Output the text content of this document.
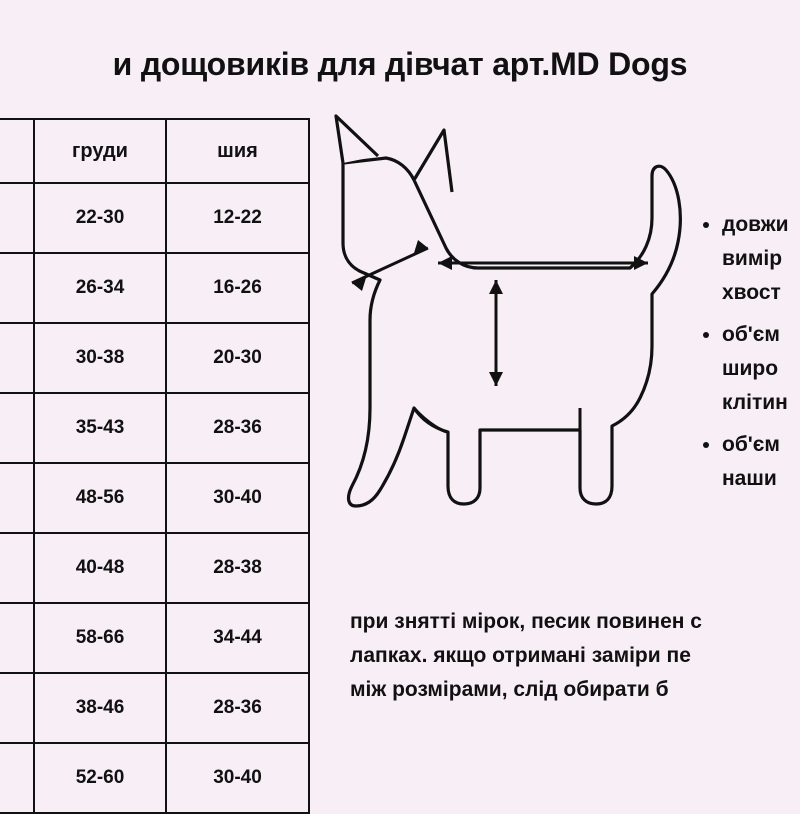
и дощовиків для дівчат арт.MD Dogs
	груди	шия
	22-30	12-22
	26-34	16-26
	30-38	20-30
	35-43	28-36
	48-56	30-40
	40-48	28-38
	58-66	34-44
	38-46	28-36
	52-60	30-40
• довжи
вимір
хвост
• об'єм
широ
клітин
• об'єм
наши
при знятті мірок, песик повинен с
лапках. якщо отримані заміри пе
між розмірами, слід обирати б
